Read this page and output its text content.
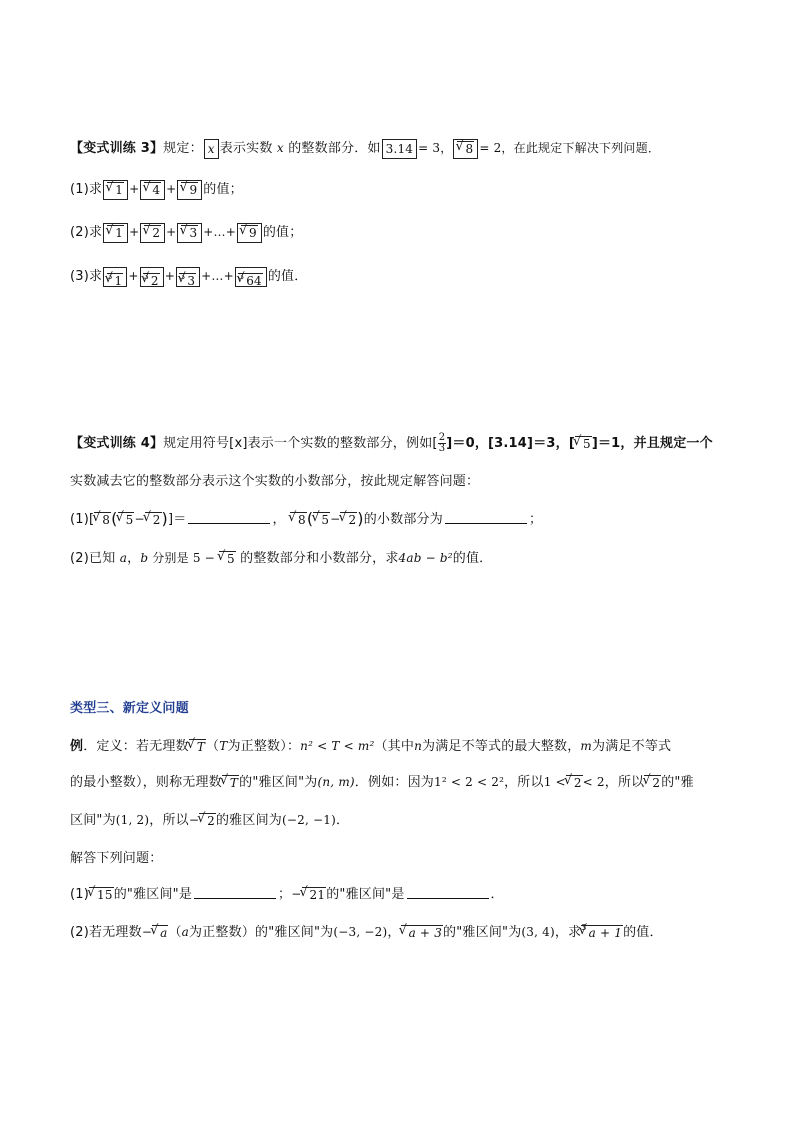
【变式训练 3】规定： x 表示实数 x 的整数部分．如 3.14 = 3， √ 8 = 2，在此规定下解决下列问题．
(1)求 √ 1 + √ 4 + √ 9 的值；
(2)求 √ 1 + √ 2 + √ 3 +…+ √ 9 的值；
(3)求 $^3$ √ 1 + $^3$ √ 2 + $^3$ √ 3 +…+ $^3$ √ 64 的值．
【变式训练 4】规定用符号[x]表示一个实数的整数部分，例如[ $\frac{2}{3} ]=0$，[3.14]＝3，[ √ 5]＝1，并且规定一个
实数减去它的整数部分表示这个实数的小数部分，按此规定解答问题：
(1)[ √ 8( √ 5− √ 2)]＝	， √ 8( √ 5− √ 2)的小数部分为	；
(2)已知 a，b 分别是 5 − √ 5 的整数部分和小数部分，求4ab − b²的值．
类型三、新定义问题
例．定义：若无理数 √ T（T为正整数）：n² < T < m²（其中n为满足不等式的最大整数，m为满足不等式
的最小整数），则称无理数 √ T的"雅区间"为(n, m)．例如：因为1² < 2 < 2²，所以1 < √ 2< 2，所以 √ 2的"雅
区间"为(1, 2)，所以− √ 2的雅区间为(−2, −1)．
解答下列问题：
(1) √ 15的"雅区间"是	；− √ 21的"雅区间"是	．
(2)若无理数− √ a（a为正整数）的"雅区间"为(−3, −2)， √ a + 3的"雅区间"为(3, 4)，求$^3$ √ a + 1的值．
